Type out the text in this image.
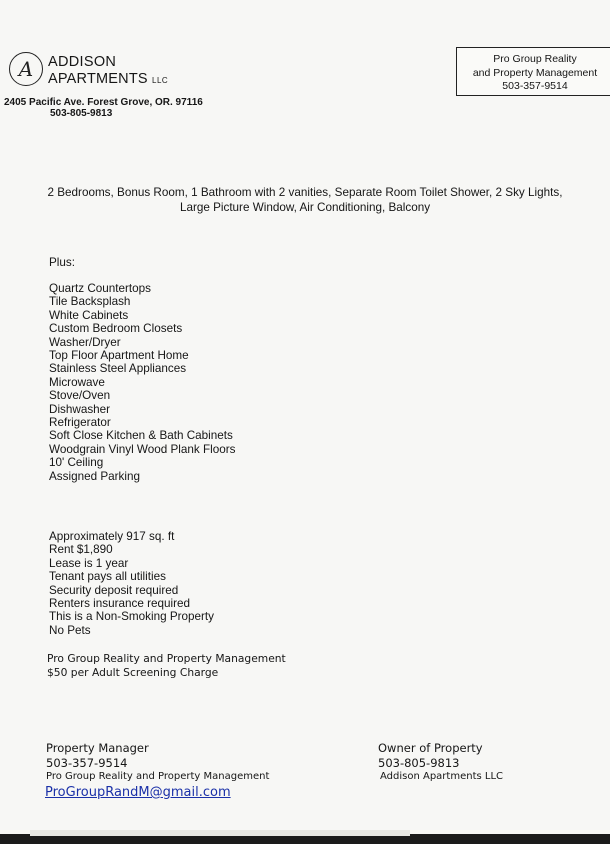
A	ADDISON
APARTMENTS LLC
2405 Pacific Ave. Forest Grove, OR. 97116
503-805-9813
Pro Group Reality
and Property Management
503-357-9514
2 Bedrooms, Bonus Room, 1 Bathroom with 2 vanities, Separate Room Toilet Shower, 2 Sky Lights, Large Picture Window, Air Conditioning, Balcony
Plus:
Quartz Countertops
Tile Backsplash
White Cabinets
Custom Bedroom Closets
Washer/Dryer
Top Floor Apartment Home
Stainless Steel Appliances
Microwave
Stove/Oven
Dishwasher
Refrigerator
Soft Close Kitchen & Bath Cabinets
Woodgrain Vinyl Wood Plank Floors
10' Ceiling
Assigned Parking
Approximately 917 sq. ft
Rent $1,890
Lease is 1 year
Tenant pays all utilities
Security deposit required
Renters insurance required
This is a Non-Smoking Property
No Pets
Pro Group Reality and Property Management
$50 per Adult Screening Charge
Property Manager
503-357-9514
Pro Group Reality and Property Management
ProGroupRandM@gmail.com
Owner of Property
503-805-9813
Addison Apartments LLC
